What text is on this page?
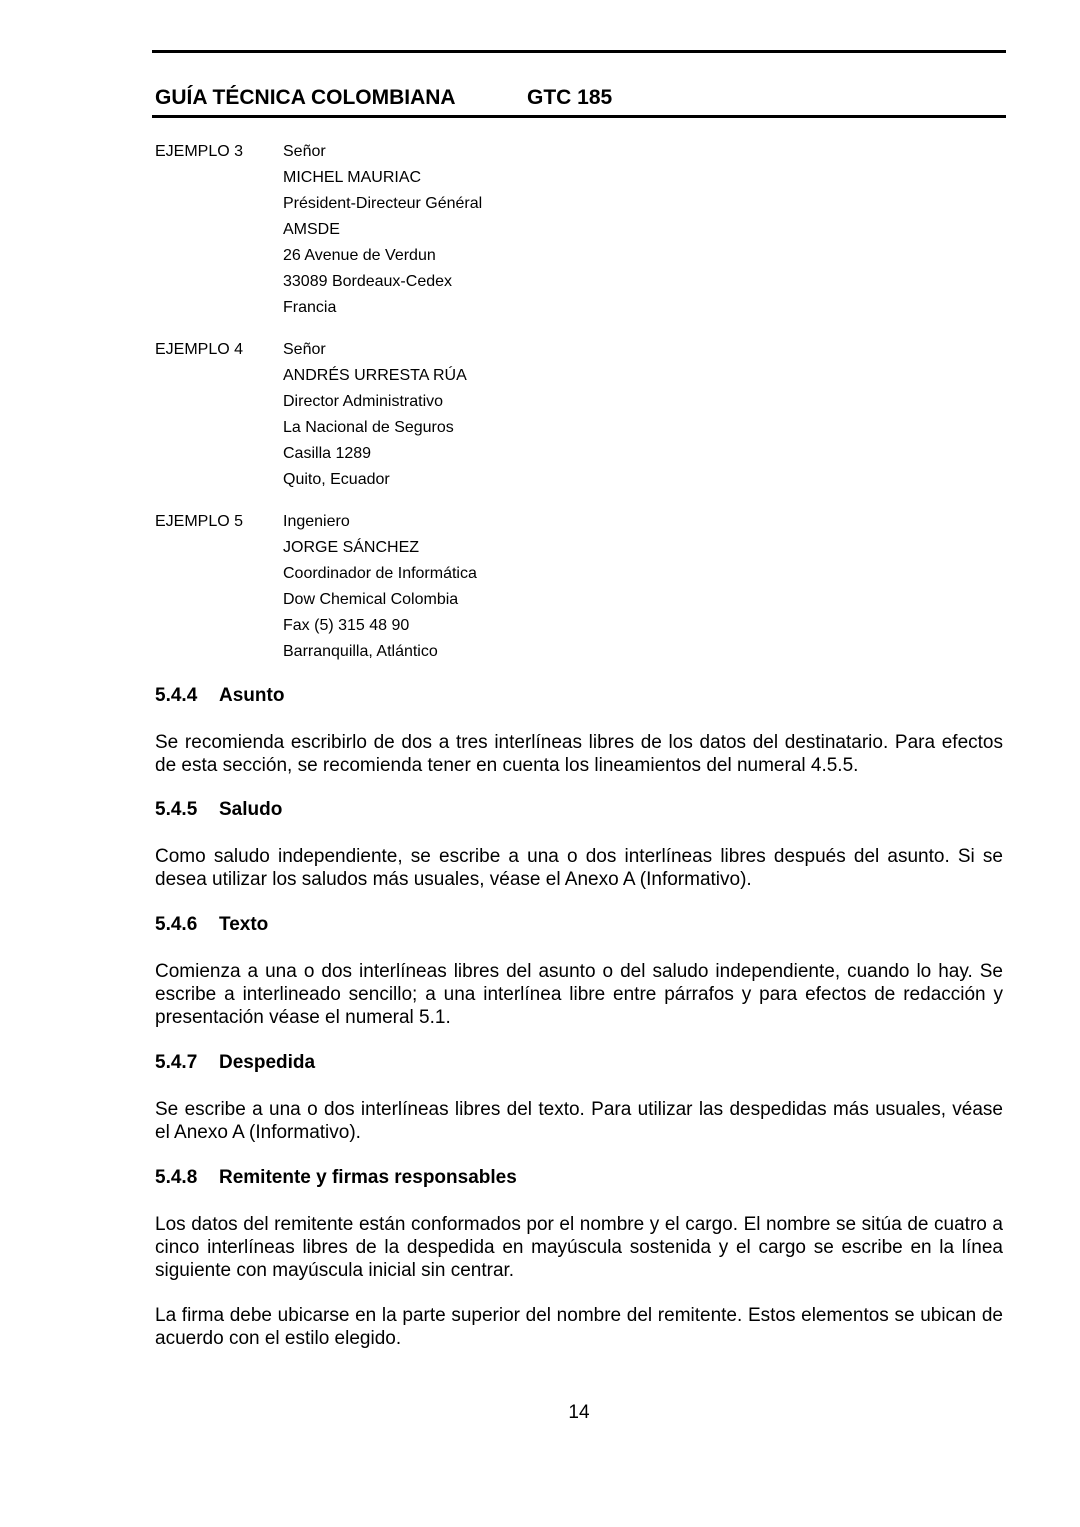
GUÍA TÉCNICA COLOMBIANA	GTC 185
EJEMPLO 3 Señor
MICHEL MAURIAC
Président-Directeur Général
AMSDE
26 Avenue de Verdun
33089 Bordeaux-Cedex
Francia
EJEMPLO 4 Señor
ANDRÉS URRESTA RÚA
Director Administrativo
La Nacional de Seguros
Casilla 1289
Quito, Ecuador
EJEMPLO 5 Ingeniero
JORGE SÁNCHEZ
Coordinador de Informática
Dow Chemical Colombia
Fax (5) 315 48 90
Barranquilla, Atlántico
5.4.4 Asunto

Se recomienda escribirlo de dos a tres interlíneas libres de los datos del destinatario. Para efectos de esta sección, se recomienda tener en cuenta los lineamientos del numeral 4.5.5.

5.4.5 Saludo

Como saludo independiente, se escribe a una o dos interlíneas libres después del asunto. Si se desea utilizar los saludos más usuales, véase el Anexo A (Informativo).

5.4.6 Texto

Comienza a una o dos interlíneas libres del asunto o del saludo independiente, cuando lo hay. Se escribe a interlineado sencillo; a una interlínea libre entre párrafos y para efectos de redacción y presentación véase el numeral 5.1.

5.4.7 Despedida

Se escribe a una o dos interlíneas libres del texto. Para utilizar las despedidas más usuales, véase el Anexo A (Informativo).

5.4.8 Remitente y firmas responsables

Los datos del remitente están conformados por el nombre y el cargo. El nombre se sitúa de cuatro a cinco interlíneas libres de la despedida en mayúscula sostenida y el cargo se escribe en la línea siguiente con mayúscula inicial sin centrar.

La firma debe ubicarse en la parte superior del nombre del remitente. Estos elementos se ubican de acuerdo con el estilo elegido.

14
